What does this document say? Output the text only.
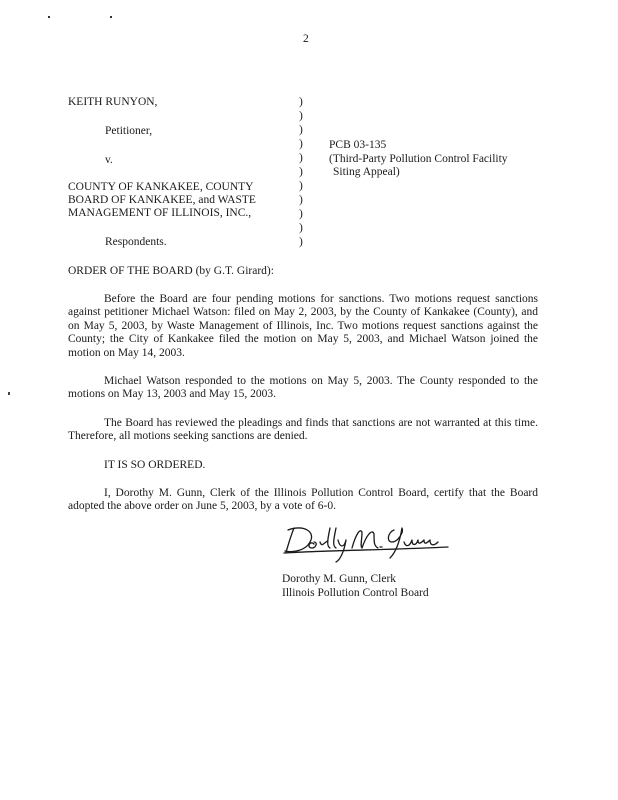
2
KEITH RUNYON,
Petitioner,
v.
COUNTY OF KANKAKEE, COUNTY
BOARD OF KANKAKEE, and WASTE
MANAGEMENT OF ILLINOIS, INC.,
Respondents.
)
)
)
)
)
)
)
)
)
)
)
PCB 03-135
(Third-Party Pollution Control Facility
Siting Appeal)
ORDER OF THE BOARD (by G.T. Girard):
Before the Board are four pending motions for sanctions. Two motions request sanctions against petitioner Michael Watson: filed on May 2, 2003, by the County of Kankakee (County), and on May 5, 2003, by Waste Management of Illinois, Inc. Two motions request sanctions against the County; the City of Kankakee filed the motion on May 5, 2003, and Michael Watson joined the motion on May 14, 2003.
Michael Watson responded to the motions on May 5, 2003. The County responded to the motions on May 13, 2003 and May 15, 2003.
The Board has reviewed the pleadings and finds that sanctions are not warranted at this time. Therefore, all motions seeking sanctions are denied.
IT IS SO ORDERED.
I, Dorothy M. Gunn, Clerk of the Illinois Pollution Control Board, certify that the Board adopted the above order on June 5, 2003, by a vote of 6-0.
Dorothy M. Gunn, Clerk
Illinois Pollution Control Board
